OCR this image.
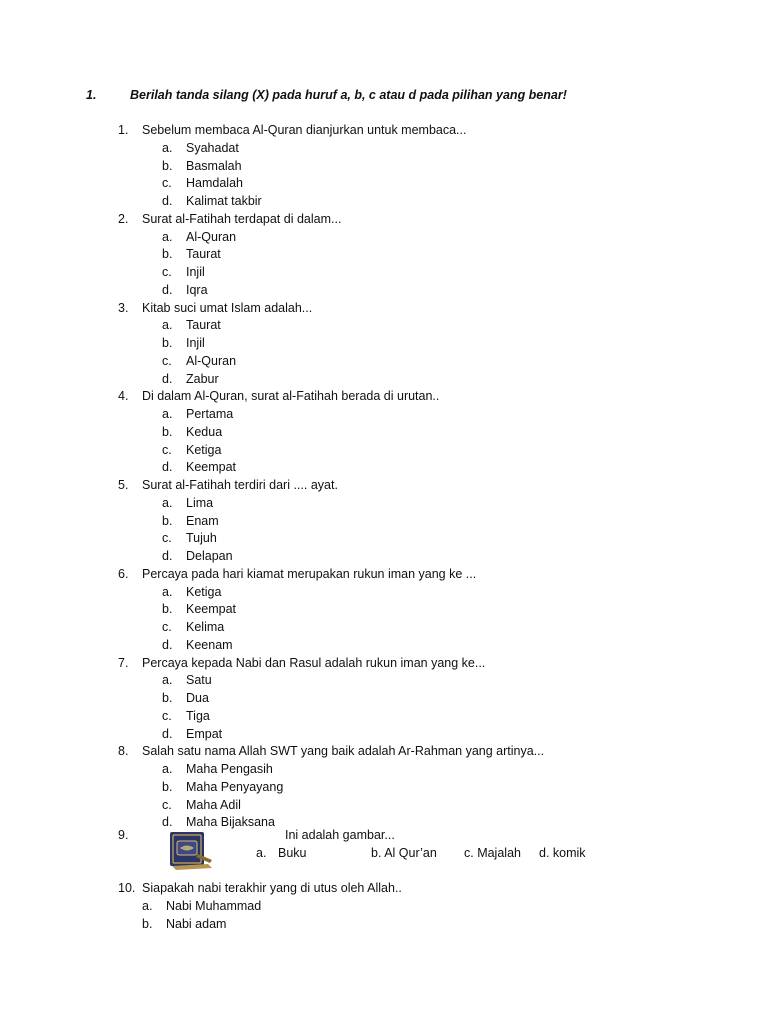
1.	Berilah tanda silang (X) pada huruf a, b, c atau d pada pilihan yang benar!
1. Sebelum membaca Al-Quran dianjurkan untuk membaca...
a. Syahadat
b. Basmalah
c. Hamdalah
d. Kalimat takbir
2. Surat al-Fatihah terdapat di dalam...
a. Al-Quran
b. Taurat
c. Injil
d. Iqra
3. Kitab suci umat Islam adalah...
a. Taurat
b. Injil
c. Al-Quran
d. Zabur
4. Di dalam Al-Quran, surat al-Fatihah berada di urutan..
a. Pertama
b. Kedua
c. Ketiga
d. Keempat
5. Surat al-Fatihah terdiri dari .... ayat.
a. Lima
b. Enam
c. Tujuh
d. Delapan
6. Percaya pada hari kiamat merupakan rukun iman yang ke ...
a. Ketiga
b. Keempat
c. Kelima
d. Keenam
7. Percaya kepada Nabi dan Rasul adalah rukun iman yang ke...
a. Satu
b. Dua
c. Tiga
d. Empat
8. Salah satu nama Allah SWT yang baik adalah Ar-Rahman yang artinya...
a. Maha Pengasih
b. Maha Penyayang
c. Maha Adil
d. Maha Bijaksana
9.	Ini adalah gambar...
a. Buku	b. Al Qur’an c. Majalah d. komik
10. Siapakah nabi terakhir yang di utus oleh Allah..
a. Nabi Muhammad
b. Nabi adam
